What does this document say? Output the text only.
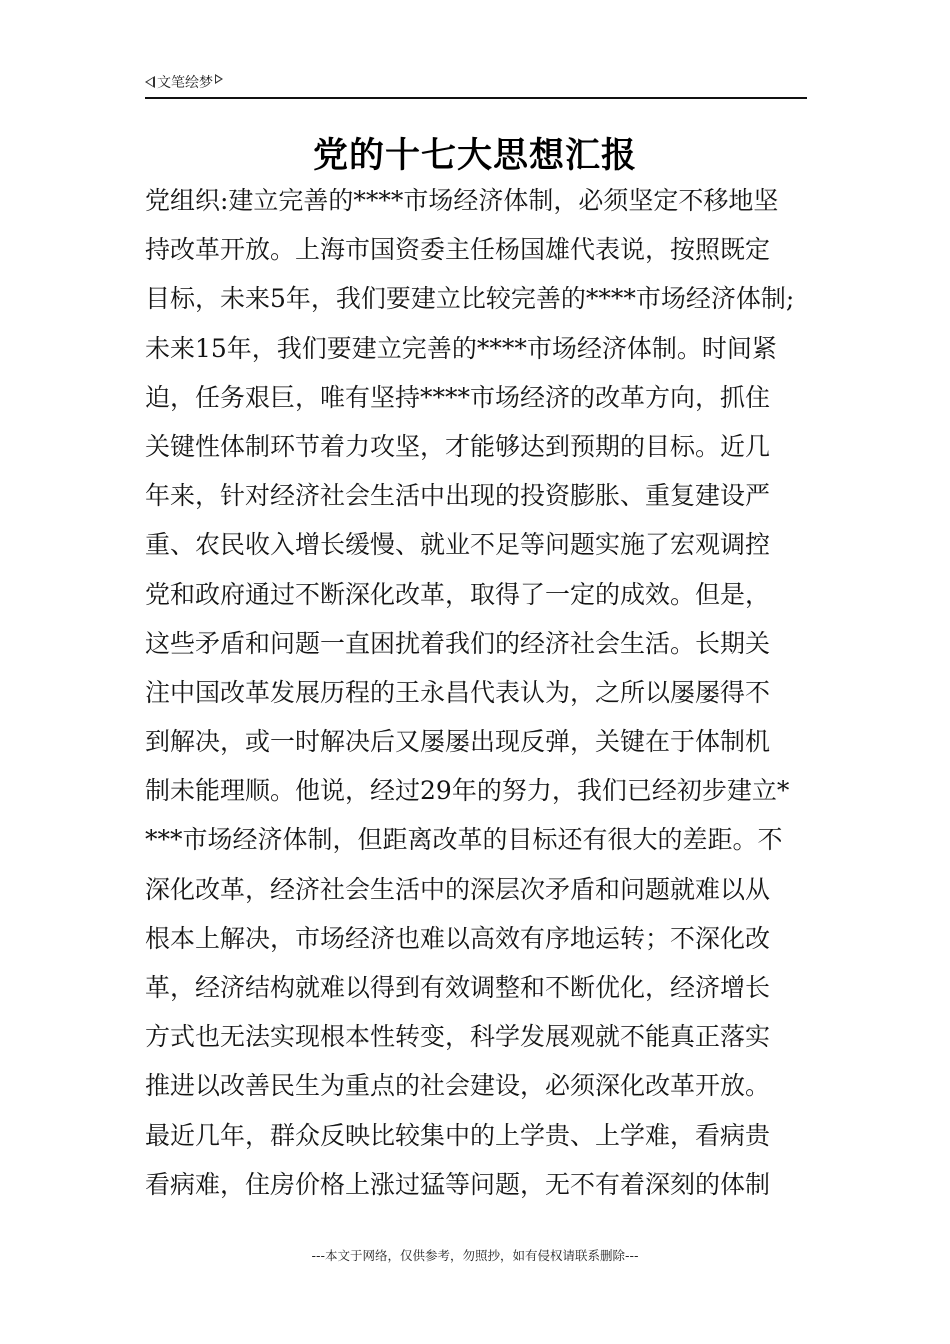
文笔绘梦
党的十七大思想汇报
党组织:建立完善的****市场经济体制，必须坚定不移地坚
持改革开放。上海市国资委主任杨国雄代表说，按照既定
目标，未来5年，我们要建立比较完善的****市场经济体制;
未来15年，我们要建立完善的****市场经济体制。时间紧
迫，任务艰巨，唯有坚持****市场经济的改革方向，抓住
关键性体制环节着力攻坚，才能够达到预期的目标。近几
年来，针对经济社会生活中出现的投资膨胀、重复建设严
重、农民收入增长缓慢、就业不足等问题实施了宏观调控
党和政府通过不断深化改革，取得了一定的成效。但是，
这些矛盾和问题一直困扰着我们的经济社会生活。长期关
注中国改革发展历程的王永昌代表认为，之所以屡屡得不
到解决，或一时解决后又屡屡出现反弹，关键在于体制机
制未能理顺。他说，经过29年的努力，我们已经初步建立*
***市场经济体制，但距离改革的目标还有很大的差距。不
深化改革，经济社会生活中的深层次矛盾和问题就难以从
根本上解决，市场经济也难以高效有序地运转；不深化改
革，经济结构就难以得到有效调整和不断优化，经济增长
方式也无法实现根本性转变，科学发展观就不能真正落实
推进以改善民生为重点的社会建设，必须深化改革开放。
最近几年，群众反映比较集中的上学贵、上学难，看病贵
看病难，住房价格上涨过猛等问题，无不有着深刻的体制
---本文于网络，仅供参考，勿照抄，如有侵权请联系删除---
